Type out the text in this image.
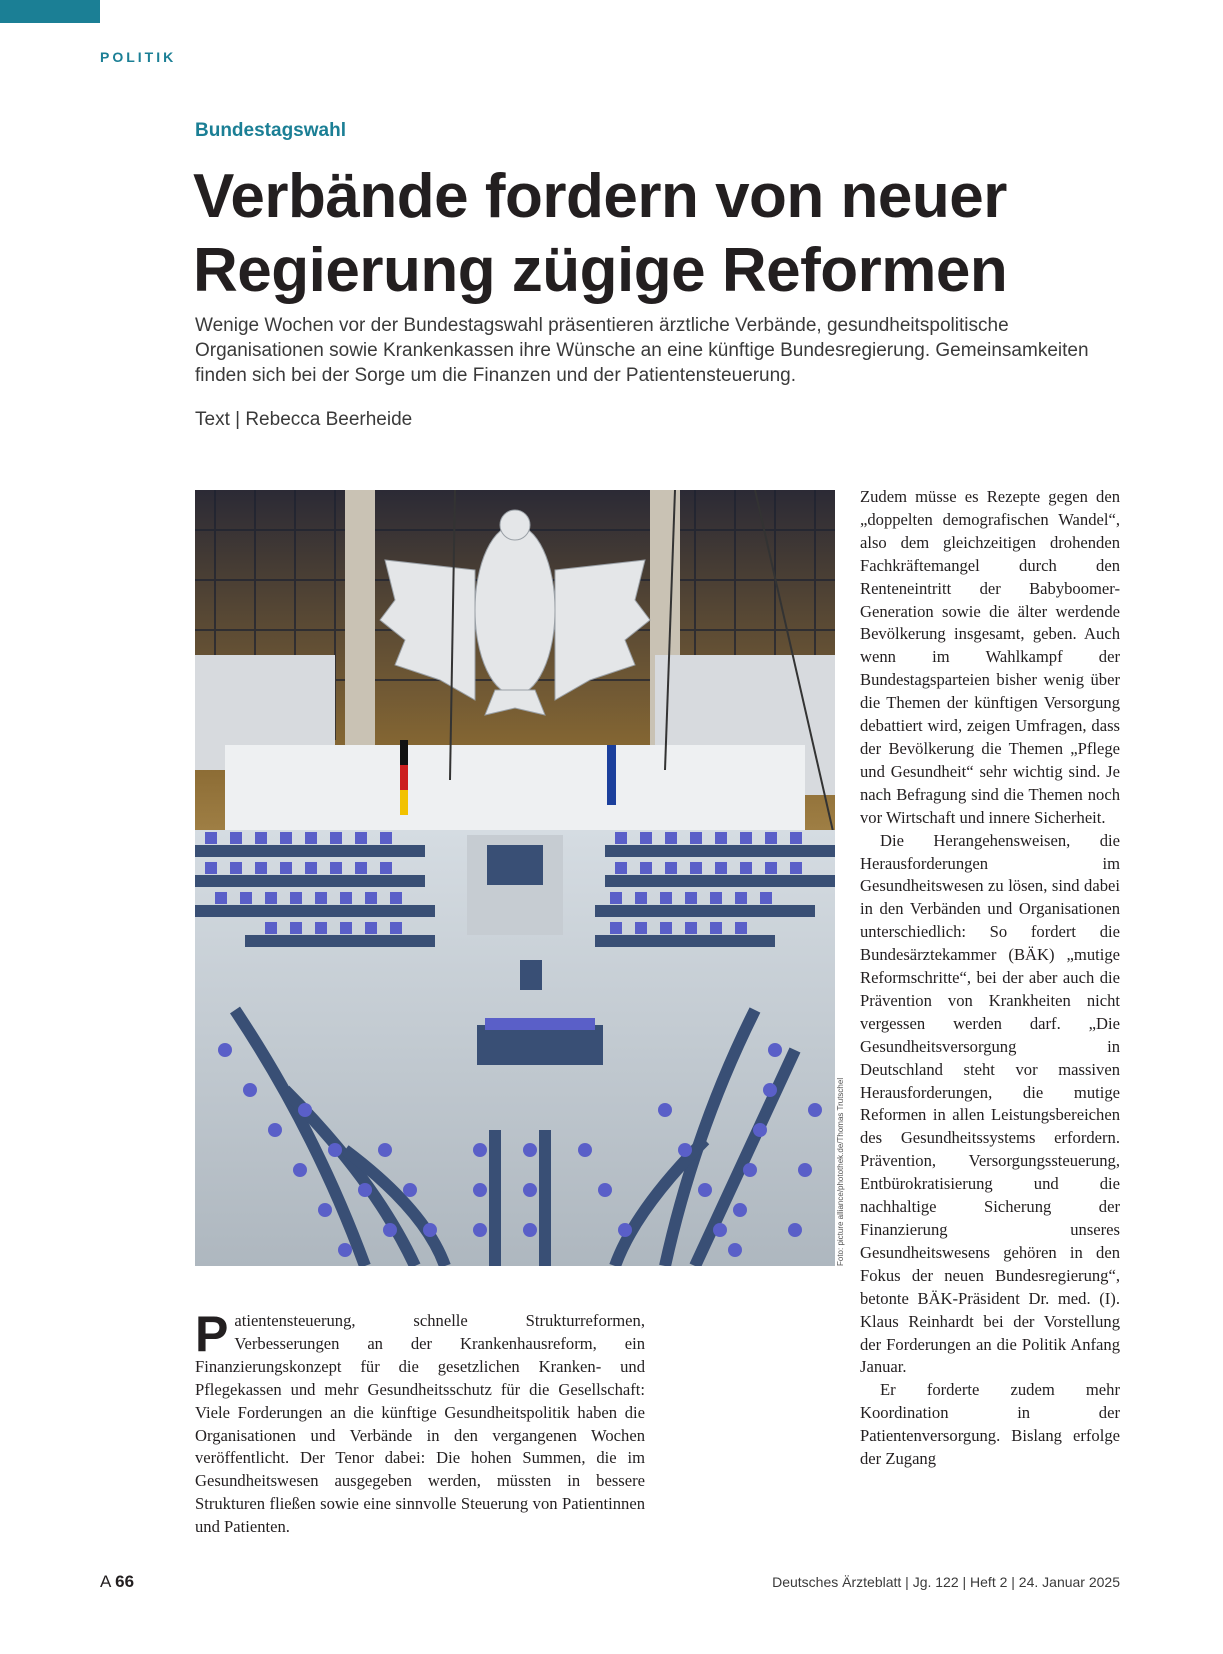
POLITIK
Bundestagswahl
Verbände fordern von neuer
Regierung zügige Reformen

Wenige Wochen vor der Bundestagswahl präsentieren ärztliche Verbände, gesundheitspolitische Organisationen sowie Krankenkassen ihre Wünsche an eine künftige Bundesregierung. Gemeinsamkeiten finden sich bei der Sorge um die Finanzen und der Patientensteuerung.

Text | Rebecca Beerheide
Foto: picture alliance/photothek.de/Thomas Trutschel

Patientensteuerung, schnelle Strukturreformen, Verbesserungen an der Krankenhausreform, ein Finanzierungskonzept für die gesetzlichen Kranken- und Pflegekassen und mehr Gesundheitsschutz für die Gesellschaft: Viele Forderungen an die künftige Gesundheitspolitik haben die Organisationen und Verbände in den vergangenen Wochen veröffentlicht. Der Tenor dabei: Die hohen Summen, die im Gesundheitswesen ausgegeben werden, müssten in bessere Strukturen fließen sowie eine sinnvolle Steuerung von Patientinnen und Patienten.

Zudem müsse es Rezepte gegen den „doppelten demografischen Wandel“, also dem gleichzeitigen drohenden Fachkräftemangel durch den Renteneintritt der Babyboomer-Generation sowie die älter werdende Bevölkerung insgesamt, geben. Auch wenn im Wahlkampf der Bundestagsparteien bisher wenig über die Themen der künftigen Versorgung debattiert wird, zeigen Umfragen, dass der Bevölkerung die Themen „Pflege und Gesundheit“ sehr wichtig sind. Je nach Befragung sind die Themen noch vor Wirtschaft und innere Sicherheit.

Die Herangehensweisen, die Herausforderungen im Gesundheitswesen zu lösen, sind dabei in den Verbänden und Organisationen unterschiedlich: So fordert die Bundesärztekammer (BÄK) „mutige Reformschritte“, bei der aber auch die Prävention von Krankheiten nicht vergessen werden darf. „Die Gesundheitsversorgung in Deutschland steht vor massiven Herausforderungen, die mutige Reformen in allen Leistungsbereichen des Gesundheitssystems erfordern. Prävention, Versorgungssteuerung, Entbürokratisierung und die nachhaltige Sicherung der Finanzierung unseres Gesundheitswesens gehören in den Fokus der neuen Bundesregierung“, betonte BÄK-Präsident Dr. med. (I). Klaus Reinhardt bei der Vorstellung der Forderungen an die Politik Anfang Januar.

Er forderte zudem mehr Koordination in der Patientenversorgung. Bislang erfolge der Zugang

A 66	Deutsches Ärzteblatt | Jg. 122 | Heft 2 | 24. Januar 2025
